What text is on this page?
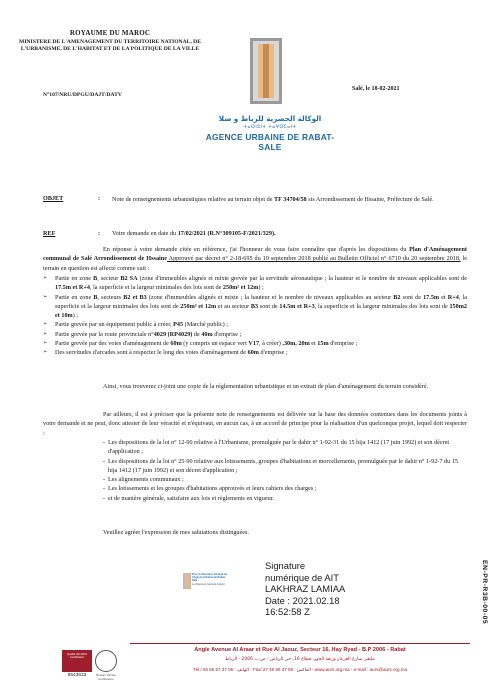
ROYAUME DU MAROC
MINISTERE DE L'AMENAGEMENT DU TERRITOIRE NATIONAL, DE L'URBANISME, DE L'HABITAT ET DE LA POLITIQUE DE LA VILLE
الوكالة الحضرية للرباط و سلا
ⵜⴰⵙⵏⵓⵏⵜ ⵜⴰⵖⵔⵎⴰⵏⵜ
AGENCE URBAINE DE RABAT-SALE
N°107/NRU/DPGU/DAJT/DATV
Salé, le 18-02-2021
OBJET	: Note de renseignements urbanistiques relative au terrain objet de TF 34704/58 sis Arrondissement de Hssaine, Préfecture de Salé.
REF	: Votre demande en date du 17/02/2021 (R.N°309105-F/2021/329).
En réponse à votre demande citée en référence, j'ai l'honneur de vous faire connaître que d'après les dispositions du Plan d'Aménagement communal de Salé Arrondissement de Hssaine Approuvé par décret n° 2-18-695 du 19 septembre 2018 publié au Bulletin Officiel n° 6710 du 20 septembre 2018, le terrain en question est affecté comme suit :
➢ Partie en zone B, secteur B2 SA (zone d'immeubles alignés et mixte grevée par la servitude aéronautique ; la hauteur et le nombre de niveaux applicables sont de 17.5m et R+4, la superficie et la largeur minimales des lots sont de 250m² et 12m) ;
➢ Partie en zone B, secteurs B2 et B3 (zone d'immeubles alignés et mixte ; la hauteur et le nombre de niveaux applicables au secteur B2 sont de 17.5m et R+4, la superficie et la largeur minimales des lots sont de 250m² et 12m et au secteur B3 sont de 14.5m et R+3, la superficie et la largeur minimales des lots sont de 150m2 et 10m) ;
➢ Partie grevée par un équipement public à créer, P45 (Marché public) ;
➢ Partie grevée par la route provinciale n°4029 (RP4029) de 40m d'emprise ;
➢ Partie grevée par des voies d'aménagement de 60m (y compris un espace vert V17, à créer) ,30m, 20m et 15m d'emprise ;
➢ Des servitudes d'arcades sont à respecter le long des voies d'aménagement de 60m d'emprise ;
Ainsi, vous trouverez ci-joint une copie de la réglementation urbanistique et un extrait de plan d'aménagement du terrain considéré.
Par ailleurs, il est à préciser que la présente note de renseignements est délivrée sur la base des données contenues dans les documents joints à votre demande et ne peut, donc attester de leur véracité et n'équivaut, en aucun cas, à un accord de principe pour la réalisation d'un quelconque projet, lequel doit respecter :
- Les dispositions de la loi n° 12-90 relative à l'Urbanisme, promulguée par le dahir n° 1-92-31 du 15 hija 1412 (17 juin 1992) et son décret d'application ;
- Les dispositions de la loi n° 25-90 relative aux lotissements, groupes d'habitations et morcellements, promulguée par le dahir n° 1-92-7 du 15 hija 1412 (17 juin 1992) et son décret d'application ;
- Les alignements communaux ;
- Les lotissements et les groupes d'habitations approuvés et leurs cahiers des charges ;
- et de manière générale, satisfaire aux lois et règlements en vigueur.
Veuillez agréer l'expression de mes salutations distinguées.
Pour le Directeur Général de l'Agence Urbaine de Rabat-Salé
Le Directeur Général Adjoint
Signature
numérique de AIT
LAKHRAZ LAMIAA
Date : 2021.02.18
16:52:58 Z	EN-PR-R3B-00-05
Qualité ISO 9001 Certification
8543633	Bureau Veritas Certification
Angle Avenue Al Araar et Rue Al Jaouz, Secteur 16, Hay Ryad - B.P 2006 - Rabat
ملتقى شارع العرعار وزنقة الجوز، قطاع 16، حي الرياض - ص.ب 2006 - الرباط
Tél./ الهاتف : 05 37 57 55 55 - Fax/ الفاكس : 05 37 56 46 27 - www.aurs.org.ma - e-mail : aurs@aurs.org.ma
